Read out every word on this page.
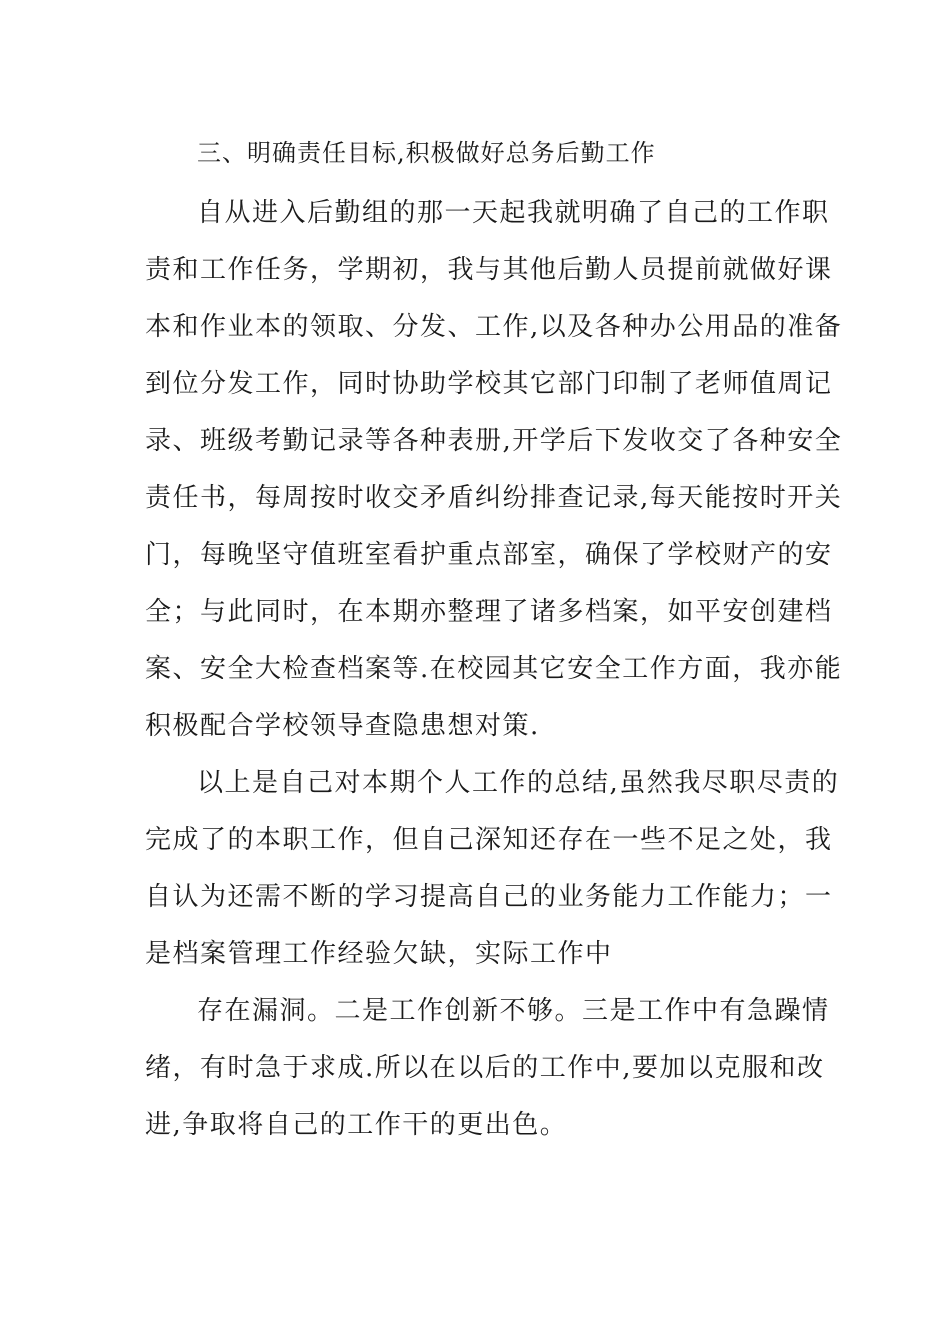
三、明确责任目标,积极做好总务后勤工作
自从进入后勤组的那一天起我就明确了自己的工作职
责和工作任务，学期初，我与其他后勤人员提前就做好课
本和作业本的领取、分发、工作,以及各种办公用品的准备
到位分发工作，同时协助学校其它部门印制了老师值周记
录、班级考勤记录等各种表册,开学后下发收交了各种安全
责任书，每周按时收交矛盾纠纷排查记录,每天能按时开关
门，每晚坚守值班室看护重点部室，确保了学校财产的安
全；与此同时，在本期亦整理了诸多档案，如平安创建档
案、安全大检查档案等.在校园其它安全工作方面，我亦能
积极配合学校领导查隐患想对策.
以上是自己对本期个人工作的总结,虽然我尽职尽责的
完成了的本职工作，但自己深知还存在一些不足之处，我
自认为还需不断的学习提高自己的业务能力工作能力；一
是档案管理工作经验欠缺，实际工作中
存在漏洞。二是工作创新不够。三是工作中有急躁情
绪，有时急于求成.所以在以后的工作中,要加以克服和改
进,争取将自己的工作干的更出色。
